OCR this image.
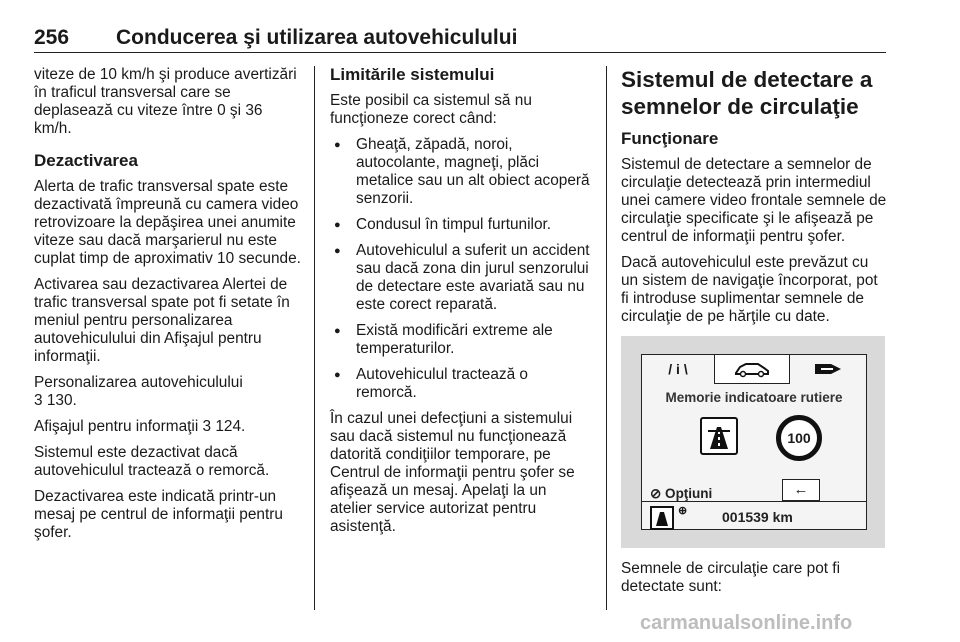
256 Conducerea şi utilizarea autovehiculului

viteze de 10 km/h şi produce avertizări în traficul transversal care se deplasează cu viteze între 0 şi 36 km/h.

Dezactivarea

Alerta de trafic transversal spate este dezactivată împreună cu camera video retrovizoare la depăşirea unei anumite viteze sau dacă marşarierul nu este cuplat timp de aproximativ 10 secunde.

Activarea sau dezactivarea Alertei de trafic transversal spate pot fi setate în meniul pentru personalizarea autovehiculului din Afişajul pentru informaţii.

Personalizarea autovehiculului
3 130.

Afişajul pentru informaţii 3 124.

Sistemul este dezactivat dacă autovehiculul tractează o remorcă.

Dezactivarea este indicată printr-un mesaj pe centrul de informaţii pentru şofer.

Limitările sistemului

Este posibil ca sistemul să nu funcţioneze corect când:

● Gheaţă, zăpadă, noroi, autocolante, magneţi, plăci metalice sau un alt obiect acoperă senzorii.
● Condusul în timpul furtunilor.
● Autovehiculul a suferit un accident sau dacă zona din jurul senzorului de detectare este avariată sau nu este corect reparată.
● Există modificări extreme ale temperaturilor.
● Autovehiculul tractează o remorcă.

În cazul unei defecţiuni a sistemului sau dacă sistemul nu funcţionează datorită condiţiilor temporare, pe Centrul de informaţii pentru şofer se afişează un mesaj. Apelaţi la un atelier service autorizat pentru asistenţă.

Sistemul de detectare a semnelor de circulaţie
Funcţionare

Sistemul de detectare a semnelor de circulaţie detectează prin intermediul unei camere video frontale semnele de circulaţie specificate şi le afişează pe centrul de informaţii pentru şofer.

Dacă autovehiculul este prevăzut cu un sistem de navigaţie încorporat, pot fi introduse suplimentar semnele de circulaţie de pe hărţile cu date.

/ i \
Memorie indicatoare rutiere
100
⊘ Opţiuni	←
⊕ 001539 km

Semnele de circulaţie care pot fi detectate sunt:

carmanualsonline.info
